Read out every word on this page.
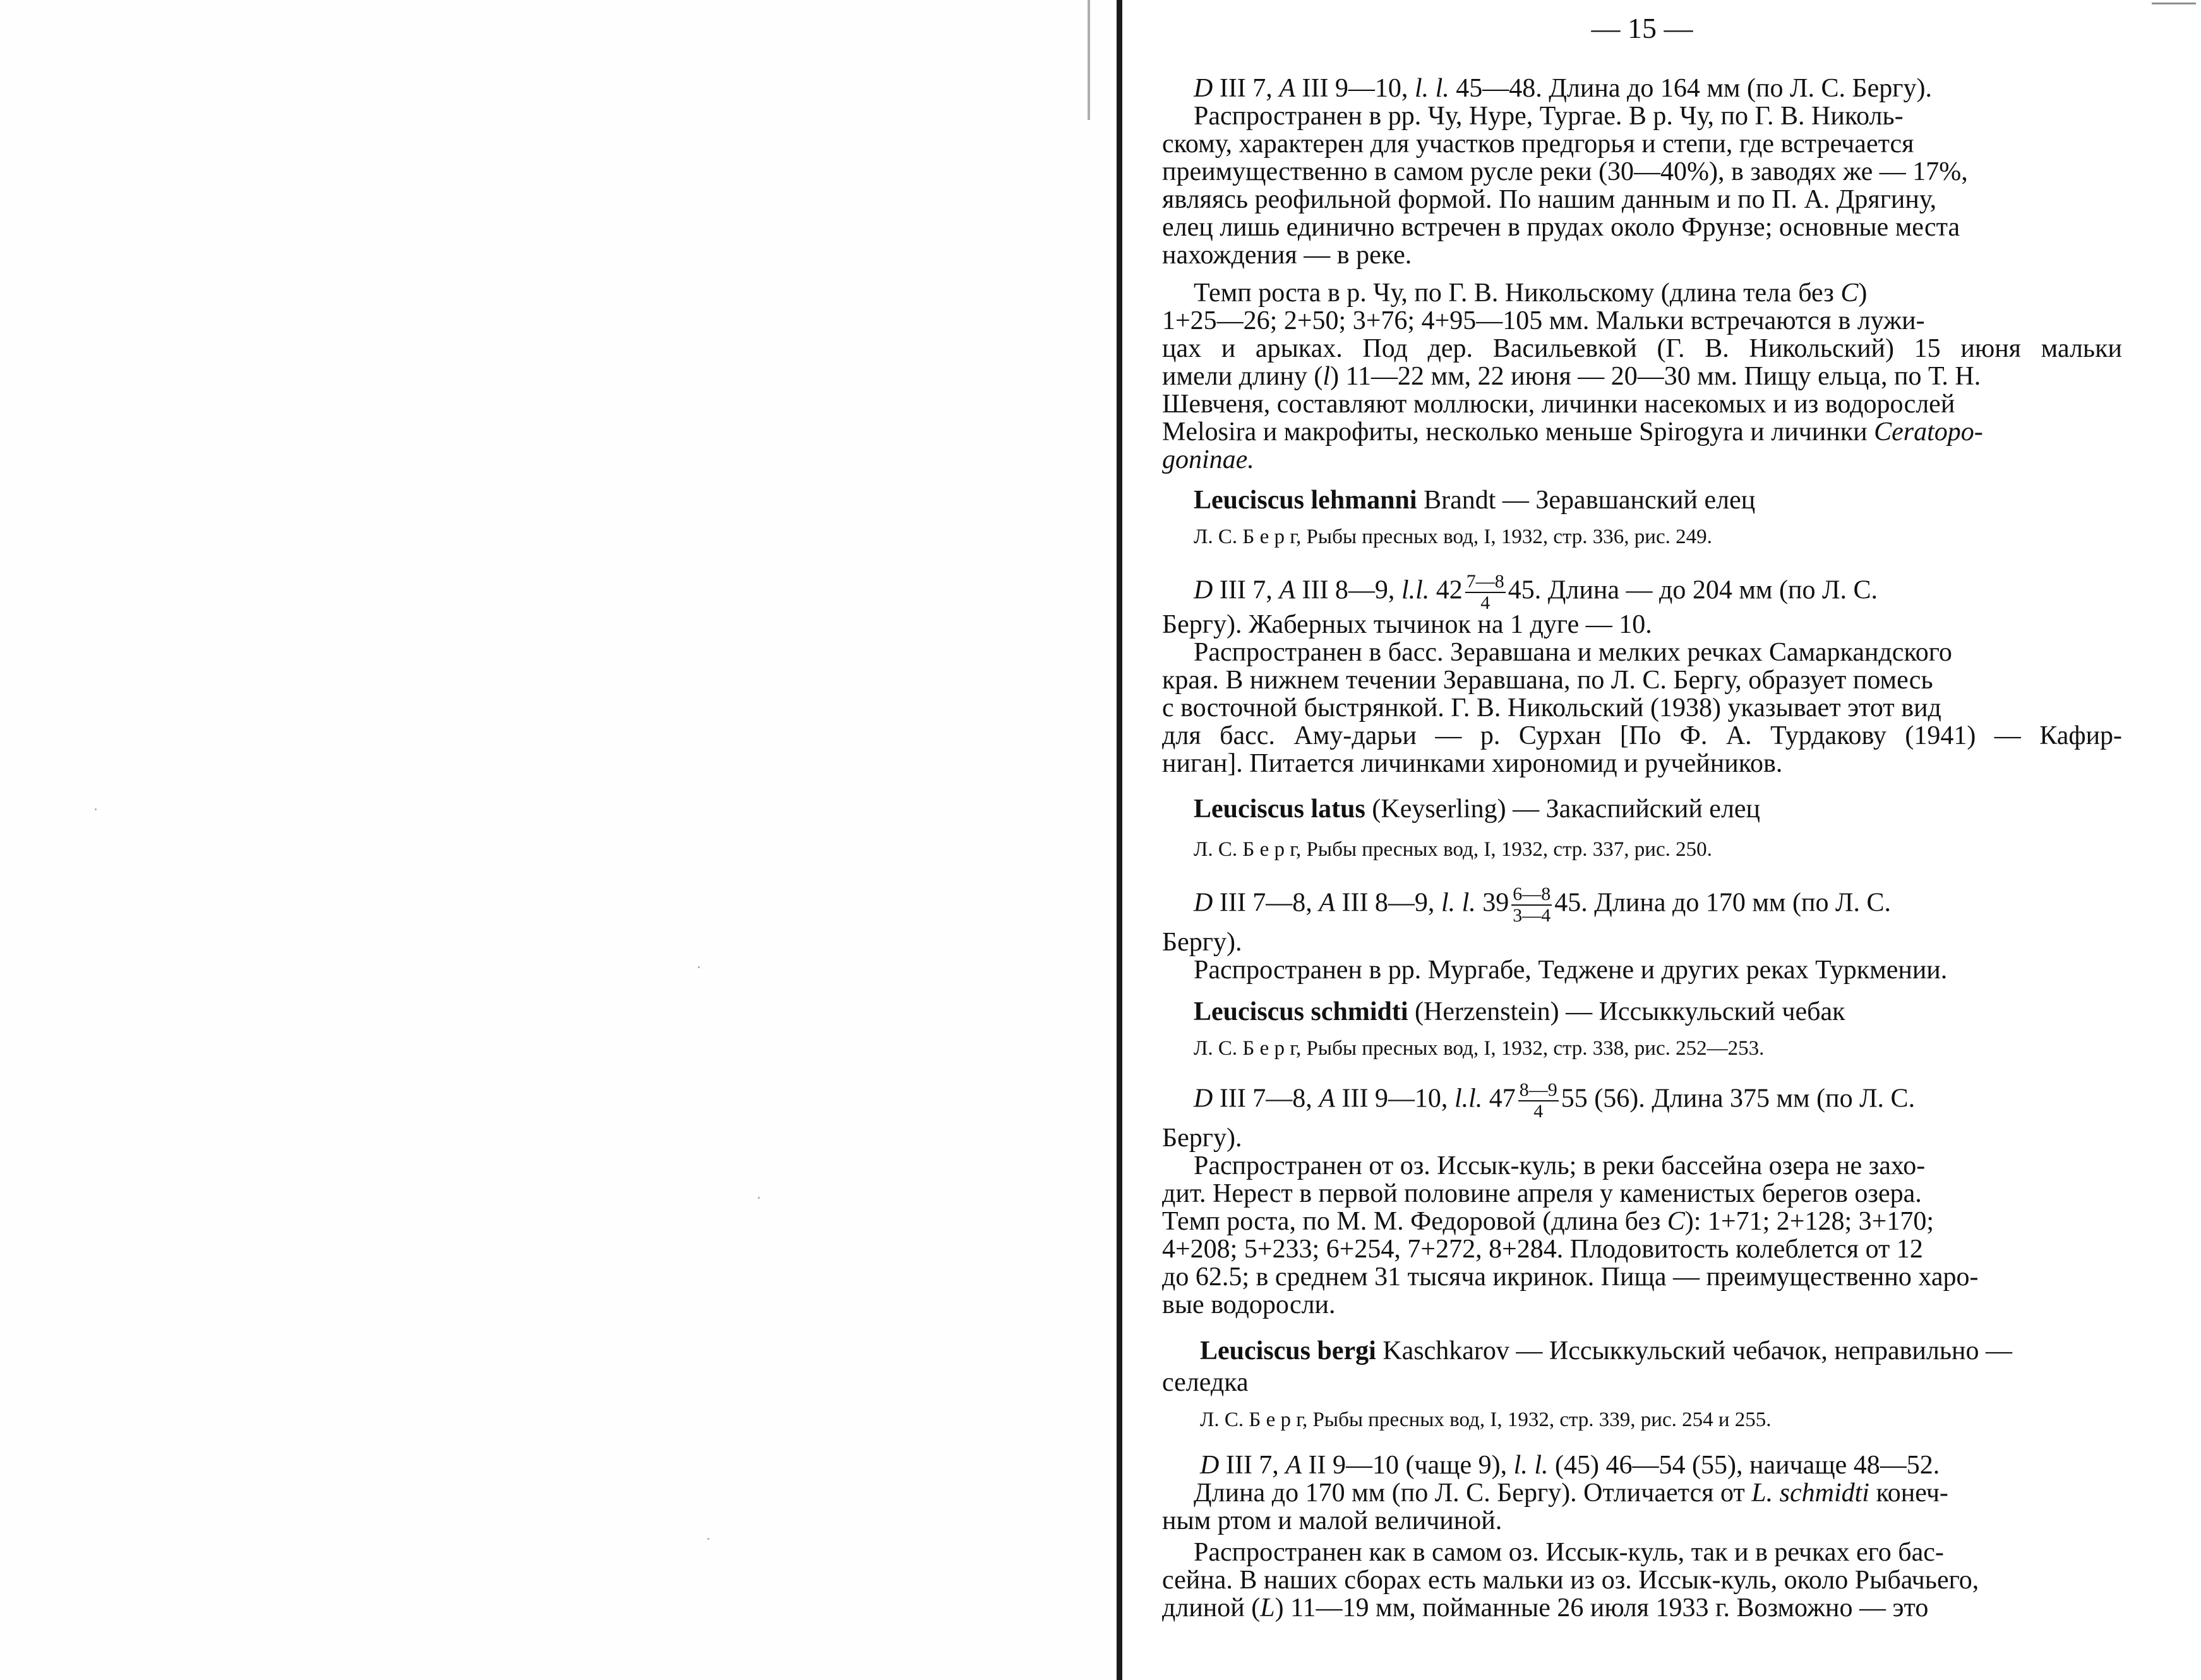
— 15 —

D III 7, A III 9—10, l. l. 45—48. Длина до 164 мм (по Л. С. Бергу).

Распространен в рр. Чу, Нуре, Тургае. В р. Чу, по Г. В. Николь-

скому, характерен для участков предгорья и степи, где встречается

преимущественно в самом русле реки (30—40%), в заводях же — 17%,

являясь реофильной формой. По нашим данным и по П. А. Дрягину,

елец лишь единично встречен в прудах около Фрунзе; основные места

нахождения — в реке.

Темп роста в р. Чу, по Г. В. Никольскому (длина тела без C)

1+25—26; 2+50; 3+76; 4+95—105 мм. Мальки встречаются в лужи-

цах и арыках. Под дер. Васильевкой (Г. В. Никольский) 15 июня мальки

имели длину (l) 11—22 мм, 22 июня — 20—30 мм. Пищу ельца, по Т. Н.

Шевченя, составляют моллюски, личинки насекомых и из водорослей

Melosira и макрофиты, несколько меньше Spirogyra и личинки Ceratopo-

goninae.

Leuciscus lehmanni Brandt — Зеравшанский елец

Л. С. Б е р г, Рыбы пресных вод, I, 1932, стр. 336, рис. 249.

D III 7, A III 8—9, l.l. $42 \frac{7—8}{4} 45$. Длина — до 204 мм (по Л. С.

Бергу). Жаберных тычинок на 1 дуге — 10.

Распространен в басс. Зеравшана и мелких речках Самаркандского

края. В нижнем течении Зеравшана, по Л. С. Бергу, образует помесь

с восточной быстрянкой. Г. В. Никольский (1938) указывает этот вид

для басс. Аму-дарьи — р. Сурхан [По Ф. А. Турдакову (1941) — Кафир-

ниган]. Питается личинками хирономид и ручейников.

Leuciscus latus (Keyserling) — Закаспийский елец

Л. С. Б е р г, Рыбы пресных вод, I, 1932, стр. 337, рис. 250.

D III 7—8, A III 8—9, l. l. $39 \frac{6—8}{3—4} 45$. Длина до 170 мм (по Л. С.

Бергу).

Распространен в рр. Мургабе, Теджене и других реках Туркмении.

Leuciscus schmidti (Herzenstein) — Иссыккульский чебак

Л. С. Б е р г, Рыбы пресных вод, I, 1932, стр. 338, рис. 252—253.

D III 7—8, A III 9—10, l.l. $47 \frac{8—9}{4} 55$ (56). Длина 375 мм (по Л. С.

Бергу).

Распространен от оз. Иссык-куль; в реки бассейна озера не захо-

дит. Нерест в первой половине апреля у каменистых берегов озера.

Темп роста, по М. М. Федоровой (длина без C): 1+71; 2+128; 3+170;

4+208; 5+233; 6+254, 7+272, 8+284. Плодовитость колеблется от 12

до 62.5; в среднем 31 тысяча икринок. Пища — преимущественно харо-

вые водоросли.

Leuciscus bergi Kaschkarov — Иссыккульский чебачок, неправильно —

селедка

Л. С. Б е р г, Рыбы пресных вод, I, 1932, стр. 339, рис. 254 и 255.

D III 7, A II 9—10 (чаще 9), l. l. (45) 46—54 (55), наичаще 48—52.

Длина до 170 мм (по Л. С. Бергу). Отличается от L. schmidti конеч-

ным ртом и малой величиной.

Распространен как в самом оз. Иссык-куль, так и в речках его бас-

сейна. В наших сборах есть мальки из оз. Иссык-куль, около Рыбачьего,

длиной (L) 11—19 мм, пойманные 26 июля 1933 г. Возможно — это
